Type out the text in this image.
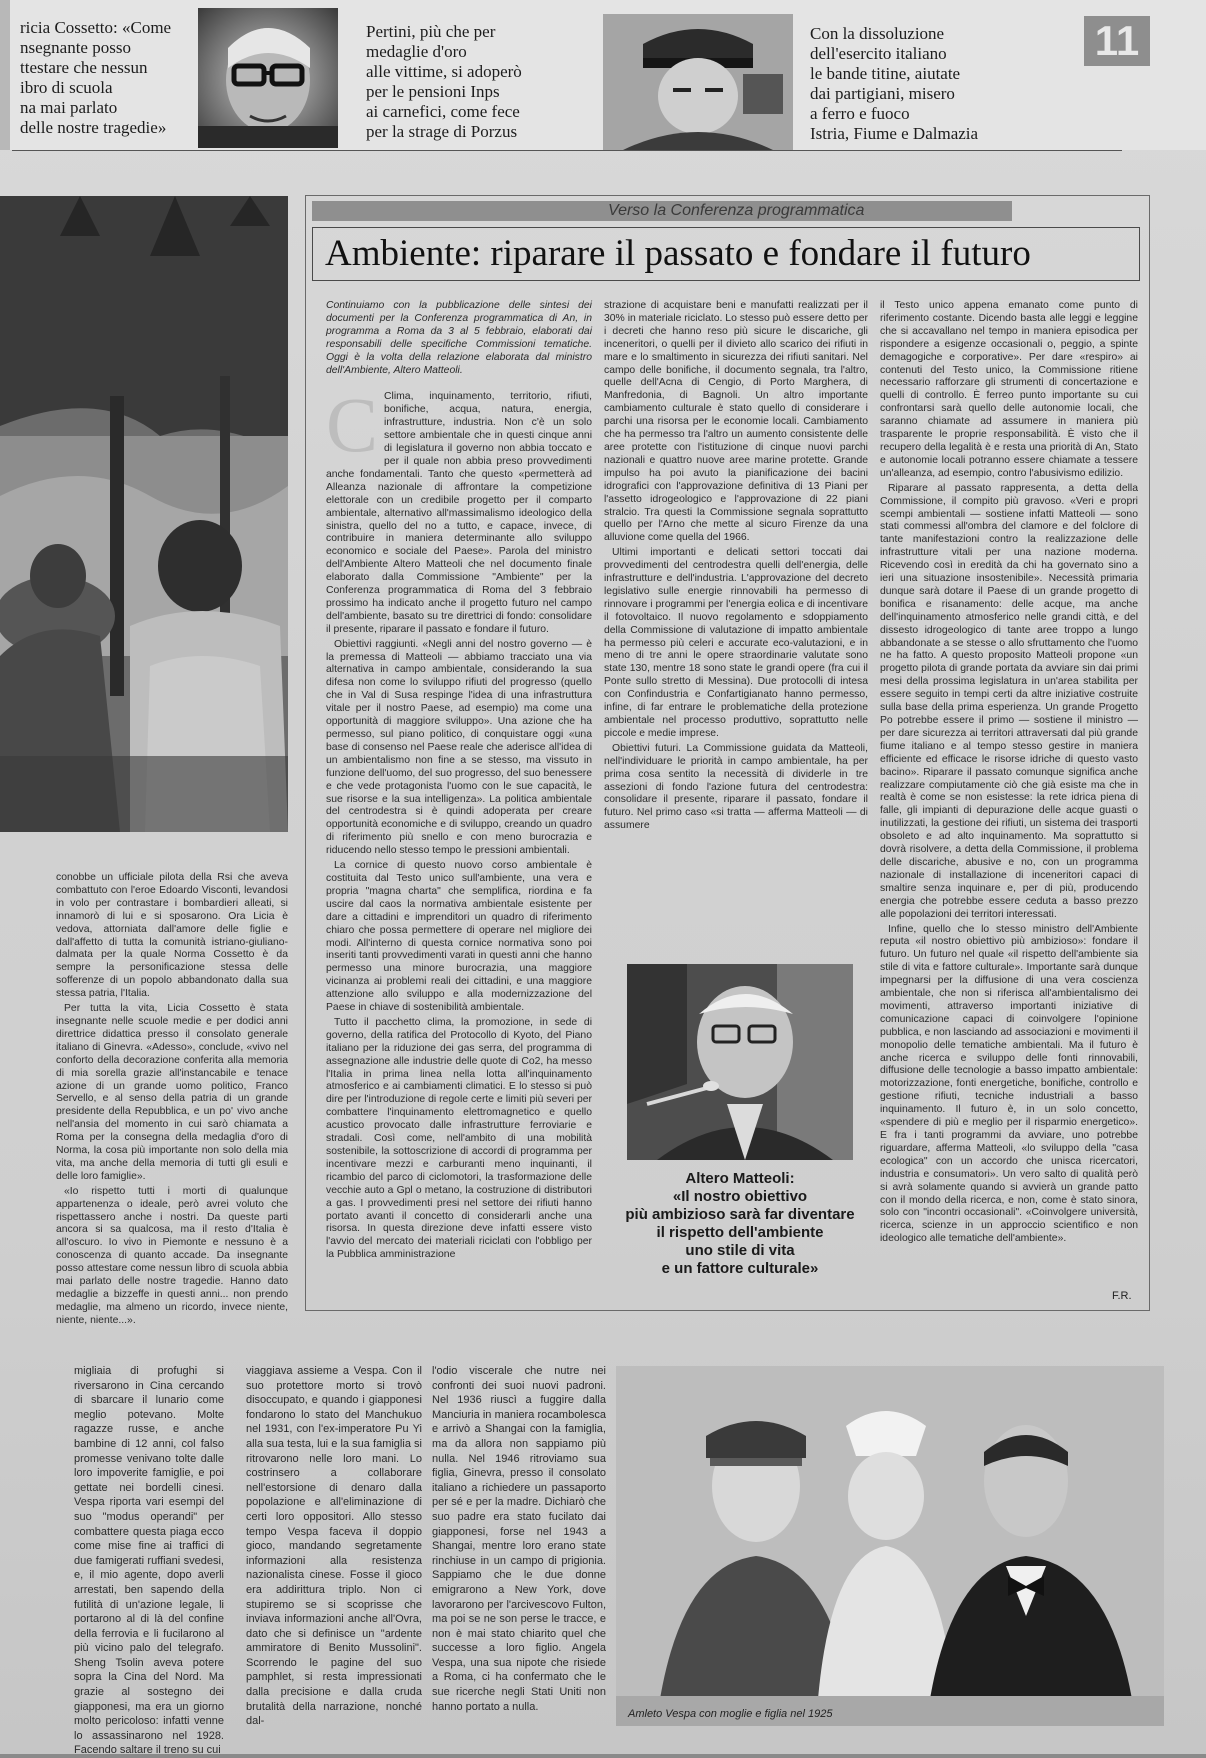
ricia Cossetto: «Come
nsegnante posso
ttestare che nessun
ibro di scuola
na mai parlato
delle nostre tragedie»
Pertini, più che per
medaglie d'oro
alle vittime, si adoperò
per le pensioni Inps
ai carnefici, come fece
per la strage di Porzus
Con la dissoluzione
dell'esercito italiano
le bande titine, aiutate
dai partigiani, misero
a ferro e fuoco
Istria, Fiume e Dalmazia
11

conobbe un ufficiale pilota della Rsi che aveva combattuto con l'eroe Edoardo Visconti, levandosi in volo per contrastare i bombardieri alleati, si innamorò di lui e si sposarono. Ora Licia è vedova, attorniata dall'amore delle figlie e dall'affetto di tutta la comunità istriano-giuliano-dalmata per la quale Norma Cossetto è da sempre la personificazione stessa delle sofferenze di un popolo abbandonato dalla sua stessa patria, l'Italia.

Per tutta la vita, Licia Cossetto è stata insegnante nelle scuole medie e per dodici anni direttrice didattica presso il consolato generale italiano di Ginevra. «Adesso», conclude, «vivo nel conforto della decorazione conferita alla memoria di mia sorella grazie all'instancabile e tenace azione di un grande uomo politico, Franco Servello, e al senso della patria di un grande presidente della Repubblica, e un po' vivo anche nell'ansia del momento in cui sarò chiamata a Roma per la consegna della medaglia d'oro di Norma, la cosa più importante non solo della mia vita, ma anche della memoria di tutti gli esuli e delle loro famiglie».

«Io rispetto tutti i morti di qualunque appartenenza o ideale, però avrei voluto che rispettassero anche i nostri. Da queste parti ancora si sa qualcosa, ma il resto d'Italia è all'oscuro. Io vivo in Piemonte e nessuno è a conoscenza di quanto accade. Da insegnante posso attestare come nessun libro di scuola abbia mai parlato delle nostre tragedie. Hanno dato medaglie a bizzeffe in questi anni... non prendo medaglie, ma almeno un ricordo, invece niente, niente, niente...».

Verso la Conferenza programmatica
Ambiente: riparare il passato e fondare il futuro

Continuiamo con la pubblicazione delle sintesi dei documenti per la Conferenza programmatica di An, in programma a Roma da 3 al 5 febbraio, elaborati dai responsabili delle specifiche Commissioni tematiche. Oggi è la volta della relazione elaborata dal ministro dell'Ambiente, Altero Matteoli.

C Clima, inquinamento, territorio, rifiuti, bonifiche, acqua, natura, energia, infrastrutture, industria. Non c'è un solo settore ambientale che in questi cinque anni di legislatura il governo non abbia toccato e per il quale non abbia preso provvedimenti anche fondamentali. Tanto che questo «permetterà ad Alleanza nazionale di affrontare la competizione elettorale con un credibile progetto per il comparto ambientale, alternativo all'massimalismo ideologico della sinistra, quello del no a tutto, e capace, invece, di contribuire in maniera determinante allo sviluppo economico e sociale del Paese». Parola del ministro dell'Ambiente Altero Matteoli che nel documento finale elaborato dalla Commissione "Ambiente" per la Conferenza programmatica di Roma del 3 febbraio prossimo ha indicato anche il progetto futuro nel campo dell'ambiente, basato su tre direttrici di fondo: consolidare il presente, riparare il passato e fondare il futuro.

Obiettivi raggiunti. «Negli anni del nostro governo — è la premessa di Matteoli — abbiamo tracciato una via alternativa in campo ambientale, considerando la sua difesa non come lo sviluppo rifiuti del progresso (quello che in Val di Susa respinge l'idea di una infrastruttura vitale per il nostro Paese, ad esempio) ma come una opportunità di maggiore sviluppo». Una azione che ha permesso, sul piano politico, di conquistare oggi «una base di consenso nel Paese reale che aderisce all'idea di un ambientalismo non fine a se stesso, ma vissuto in funzione dell'uomo, del suo progresso, del suo benessere e che vede protagonista l'uomo con le sue capacità, le sue risorse e la sua intelligenza». La politica ambientale del centrodestra si è quindi adoperata per creare opportunità economiche e di sviluppo, creando un quadro di riferimento più snello e con meno burocrazia e riducendo nello stesso tempo le pressioni ambientali.

La cornice di questo nuovo corso ambientale è costituita dal Testo unico sull'ambiente, una vera e propria "magna charta" che semplifica, riordina e fa uscire dal caos la normativa ambientale esistente per dare a cittadini e imprenditori un quadro di riferimento chiaro che possa permettere di operare nel migliore dei modi. All'interno di questa cornice normativa sono poi inseriti tanti provvedimenti varati in questi anni che hanno permesso una minore burocrazia, una maggiore vicinanza ai problemi reali dei cittadini, e una maggiore attenzione allo sviluppo e alla modernizzazione del Paese in chiave di sostenibilità ambientale.

Tutto il pacchetto clima, la promozione, in sede di governo, della ratifica del Protocollo di Kyoto, del Piano italiano per la riduzione dei gas serra, del programma di assegnazione alle industrie delle quote di Co2, ha messo l'Italia in prima linea nella lotta all'inquinamento atmosferico e ai cambiamenti climatici. E lo stesso si può dire per l'introduzione di regole certe e limiti più severi per combattere l'inquinamento elettromagnetico e quello acustico provocato dalle infrastrutture ferroviarie e stradali. Così come, nell'ambito di una mobilità sostenibile, la sottoscrizione di accordi di programma per incentivare mezzi e carburanti meno inquinanti, il ricambio del parco di ciclomotori, la trasformazione delle vecchie auto a Gpl o metano, la costruzione di distributori a gas. I provvedimenti presi nel settore dei rifiuti hanno portato avanti il concetto di considerarli anche una risorsa. In questa direzione deve infatti essere visto l'avvio del mercato dei materiali riciclati con l'obbligo per la Pubblica amministrazione

strazione di acquistare beni e manufatti realizzati per il 30% in materiale riciclato. Lo stesso può essere detto per i decreti che hanno reso più sicure le discariche, gli inceneritori, o quelli per il divieto allo scarico dei rifiuti in mare e lo smaltimento in sicurezza dei rifiuti sanitari. Nel campo delle bonifiche, il documento segnala, tra l'altro, quelle dell'Acna di Cengio, di Porto Marghera, di Manfredonia, di Bagnoli. Un altro importante cambiamento culturale è stato quello di considerare i parchi una risorsa per le economie locali. Cambiamento che ha permesso tra l'altro un aumento consistente delle aree protette con l'istituzione di cinque nuovi parchi nazionali e quattro nuove aree marine protette. Grande impulso ha poi avuto la pianificazione dei bacini idrografici con l'approvazione definitiva di 13 Piani per l'assetto idrogeologico e l'approvazione di 22 piani stralcio. Tra questi la Commissione segnala soprattutto quello per l'Arno che mette al sicuro Firenze da una alluvione come quella del 1966.

Ultimi importanti e delicati settori toccati dai provvedimenti del centrodestra quelli dell'energia, delle infrastrutture e dell'industria. L'approvazione del decreto legislativo sulle energie rinnovabili ha permesso di rinnovare i programmi per l'energia eolica e di incentivare il fotovoltaico. Il nuovo regolamento e sdoppiamento della Commissione di valutazione di impatto ambientale ha permesso più celeri e accurate eco-valutazioni, e in meno di tre anni le opere straordinarie valutate sono state 130, mentre 18 sono state le grandi opere (fra cui il Ponte sullo stretto di Messina). Due protocolli di intesa con Confindustria e Confartigianato hanno permesso, infine, di far entrare le problematiche della protezione ambientale nel processo produttivo, soprattutto nelle piccole e medie imprese.

Obiettivi futuri. La Commissione guidata da Matteoli, nell'individuare le priorità in campo ambientale, ha per prima cosa sentito la necessità di dividerle in tre assezioni di fondo l'azione futura del centrodestra: consolidare il presente, riparare il passato, fondare il futuro. Nel primo caso «si tratta — afferma Matteoli — di assumere

Altero Matteoli:
«Il nostro obiettivo
più ambizioso sarà far diventare
il rispetto dell'ambiente
uno stile di vita
e un fattore culturale»

il Testo unico appena emanato come punto di riferimento costante. Dicendo basta alle leggi e leggine che si accavallano nel tempo in maniera episodica per rispondere a esigenze occasionali o, peggio, a spinte demagogiche e corporative». Per dare «respiro» ai contenuti del Testo unico, la Commissione ritiene necessario rafforzare gli strumenti di concertazione e quelli di controllo. È ferreo punto importante su cui confrontarsi sarà quello delle autonomie locali, che saranno chiamate ad assumere in maniera più trasparente le proprie responsabilità. È visto che il recupero della legalità è e resta una priorità di An, Stato e autonomie locali potranno essere chiamate a tessere un'alleanza, ad esempio, contro l'abusivismo edilizio.

Riparare al passato rappresenta, a detta della Commissione, il compito più gravoso. «Veri e propri scempi ambientali — sostiene infatti Matteoli — sono stati commessi all'ombra del clamore e del folclore di tante manifestazioni contro la realizzazione delle infrastrutture vitali per una nazione moderna. Ricevendo così in eredità da chi ha governato sino a ieri una situazione insostenibile». Necessità primaria dunque sarà dotare il Paese di un grande progetto di bonifica e risanamento: delle acque, ma anche dell'inquinamento atmosferico nelle grandi città, e del dissesto idrogeologico di tante aree troppo a lungo abbandonate a se stesse o allo sfruttamento che l'uomo ne ha fatto. A questo proposito Matteoli propone «un progetto pilota di grande portata da avviare sin dai primi mesi della prossima legislatura in un'area stabilita per essere seguito in tempi certi da altre iniziative costruite sulla base della prima esperienza. Un grande Progetto Po potrebbe essere il primo — sostiene il ministro — per dare sicurezza ai territori attraversati dal più grande fiume italiano e al tempo stesso gestire in maniera efficiente ed efficace le risorse idriche di questo vasto bacino». Riparare il passato comunque significa anche realizzare compiutamente ciò che già esiste ma che in realtà è come se non esistesse: la rete idrica piena di falle, gli impianti di depurazione delle acque guasti o inutilizzati, la gestione dei rifiuti, un sistema dei trasporti obsoleto e ad alto inquinamento. Ma soprattutto si dovrà risolvere, a detta della Commissione, il problema delle discariche, abusive e no, con un programma nazionale di installazione di inceneritori capaci di smaltire senza inquinare e, per di più, producendo energia che potrebbe essere ceduta a basso prezzo alle popolazioni dei territori interessati.

Infine, quello che lo stesso ministro dell'Ambiente reputa «il nostro obiettivo più ambizioso»: fondare il futuro. Un futuro nel quale «il rispetto dell'ambiente sia stile di vita e fattore culturale». Importante sarà dunque impegnarsi per la diffusione di una vera coscienza ambientale, che non si riferisca all'ambientalismo dei movimenti, attraverso importanti iniziative di comunicazione capaci di coinvolgere l'opinione pubblica, e non lasciando ad associazioni e movimenti il monopolio delle tematiche ambientali. Ma il futuro è anche ricerca e sviluppo delle fonti rinnovabili, diffusione delle tecnologie a basso impatto ambientale: motorizzazione, fonti energetiche, bonifiche, controllo e gestione rifiuti, tecniche industriali a basso inquinamento. Il futuro è, in un solo concetto, «spendere di più e meglio per il risparmio energetico». E fra i tanti programmi da avviare, uno potrebbe riguardare, afferma Matteoli, «lo sviluppo della "casa ecologica" con un accordo che unisca ricercatori, industria e consumatori». Un vero salto di qualità però si avrà solamente quando si avvierà un grande patto con il mondo della ricerca, e non, come è stato sinora, solo con "incontri occasionali". «Coinvolgere università, ricerca, scienze in un approccio scientifico e non ideologico alle tematiche dell'ambiente».

F.R.

migliaia di profughi si riversarono in Cina cercando di sbarcare il lunario come meglio potevano. Molte ragazze russe, e anche bambine di 12 anni, col falso promesse venivano tolte dalle loro impoverite famiglie, e poi gettate nei bordelli cinesi. Vespa riporta vari esempi del suo "modus operandi" per combattere questa piaga ecco come mise fine ai traffici di due famigerati ruffiani svedesi, e, il mio agente, dopo averli arrestati, ben sapendo della futilità di un'azione legale, li portarono al di là del confine della ferrovia e li fucilarono al più vicino palo del telegrafo. Sheng Tsolin aveva potere sopra la Cina del Nord. Ma grazie al sostegno dei giapponesi, ma era un giorno molto pericoloso: infatti venne lo assassinarono nel 1928. Facendo saltare il treno su cui

viaggiava assieme a Vespa. Con il suo protettore morto si trovò disoccupato, e quando i giapponesi fondarono lo stato del Manchukuo nel 1931, con l'ex-imperatore Pu Yi alla sua testa, lui e la sua famiglia si ritrovarono nelle loro mani. Lo costrinsero a collaborare nell'estorsione di denaro dalla popolazione e all'eliminazione di certi loro oppositori. Allo stesso tempo Vespa faceva il doppio gioco, mandando segretamente informazioni alla resistenza nazionalista cinese. Fosse il gioco era addirittura triplo. Non ci stupiremo se si scoprisse che inviava informazioni anche all'Ovra, dato che si definisce un "ardente ammiratore di Benito Mussolini". Scorrendo le pagine del suo pamphlet, si resta impressionati dalla precisione e dalla cruda brutalità della narrazione, nonché dal-

l'odio viscerale che nutre nei confronti dei suoi nuovi padroni. Nel 1936 riuscì a fuggire dalla Manciuria in maniera rocambolesca e arrivò a Shangai con la famiglia, ma da allora non sappiamo più nulla. Nel 1946 ritroviamo sua figlia, Ginevra, presso il consolato italiano a richiedere un passaporto per sé e per la madre. Dichiarò che suo padre era stato fucilato dai giapponesi, forse nel 1943 a Shangai, mentre loro erano state rinchiuse in un campo di prigionia. Sappiamo che le due donne emigrarono a New York, dove lavorarono per l'arcivescovo Fulton, ma poi se ne son perse le tracce, e non è mai stato chiarito quel che successe a loro figlio. Angela Vespa, una sua nipote che risiede a Roma, ci ha confermato che le sue ricerche negli Stati Uniti non hanno portato a nulla.

Amleto Vespa con moglie e figlia nel 1925
